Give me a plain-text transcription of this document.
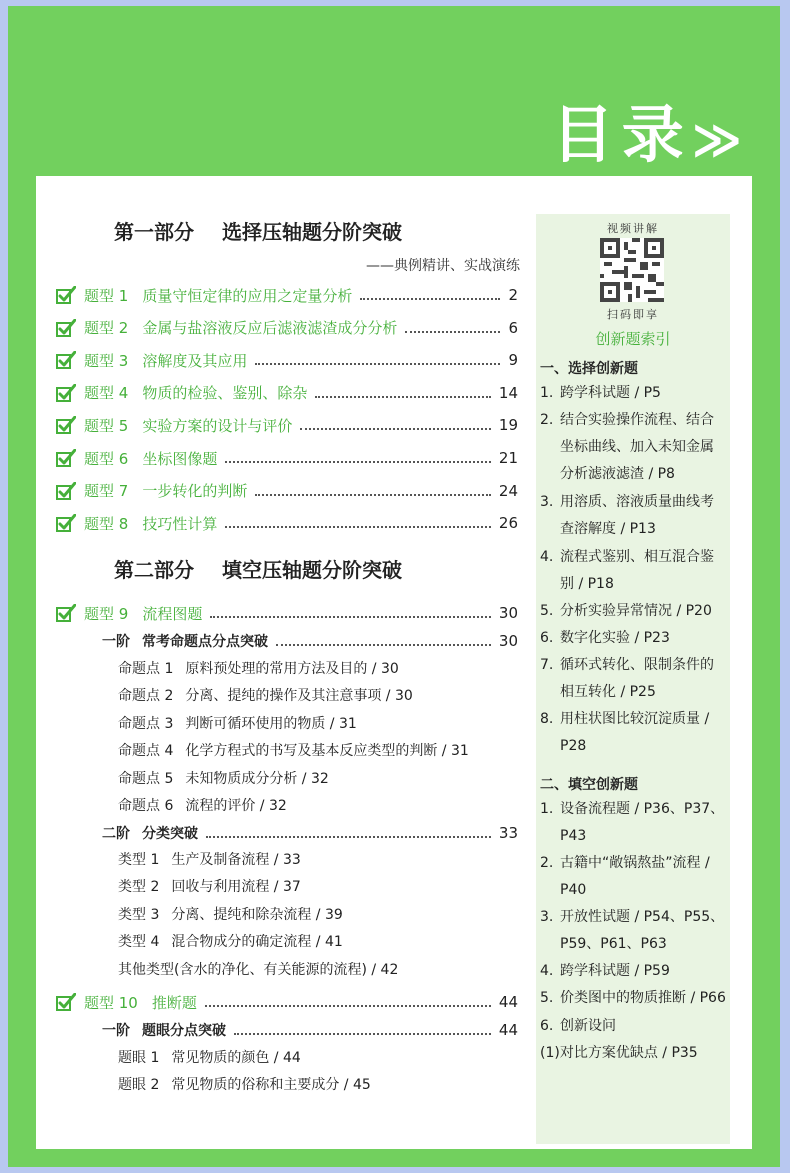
目录≫
第一部分 选择压轴题分阶突破
——典例精讲、实战演练
题型 1 质量守恒定律的应用之定量分析	2
题型 2 金属与盐溶液反应后滤液滤渣成分分析	6
题型 3 溶解度及其应用	9
题型 4 物质的检验、鉴别、除杂	14
题型 5 实验方案的设计与评价	19
题型 6 坐标图像题	21
题型 7 一步转化的判断	24
题型 8 技巧性计算	26
第二部分 填空压轴题分阶突破
题型 9 流程图题	30
一阶 常考命题点分点突破	30
命题点 1 原料预处理的常用方法及目的 / 30
命题点 2 分离、提纯的操作及其注意事项 / 30
命题点 3 判断可循环使用的物质 / 31
命题点 4 化学方程式的书写及基本反应类型的判断 / 31
命题点 5 未知物质成分分析 / 32
命题点 6 流程的评价 / 32
二阶 分类突破	33
类型 1 生产及制备流程 / 33
类型 2 回收与利用流程 / 37
类型 3 分离、提纯和除杂流程 / 39
类型 4 混合物成分的确定流程 / 41
其他类型(含水的净化、有关能源的流程) / 42
题型 10 推断题	44
一阶 题眼分点突破	44
题眼 1 常见物质的颜色 / 44
题眼 2 常见物质的俗称和主要成分 / 45
视频讲解
扫码即享
创新题索引
一、选择创新题
1. 跨学科试题 / P5
2. 结合实验操作流程、结合坐标曲线、加入未知金属分析滤液滤渣 / P8
3. 用溶质、溶液质量曲线考查溶解度 / P13
4. 流程式鉴别、相互混合鉴别 / P18
5. 分析实验异常情况 / P20
6. 数字化实验 / P23
7. 循环式转化、限制条件的相互转化 / P25
8. 用柱状图比较沉淀质量 / P28
二、填空创新题
1. 设备流程题 / P36、P37、P43
2. 古籍中“敞锅熬盐”流程 / P40
3. 开放性试题 / P54、P55、P59、P61、P63
4. 跨学科试题 / P59
5. 价类图中的物质推断 / P66
6. 创新设问
(1)对比方案优缺点 / P35
